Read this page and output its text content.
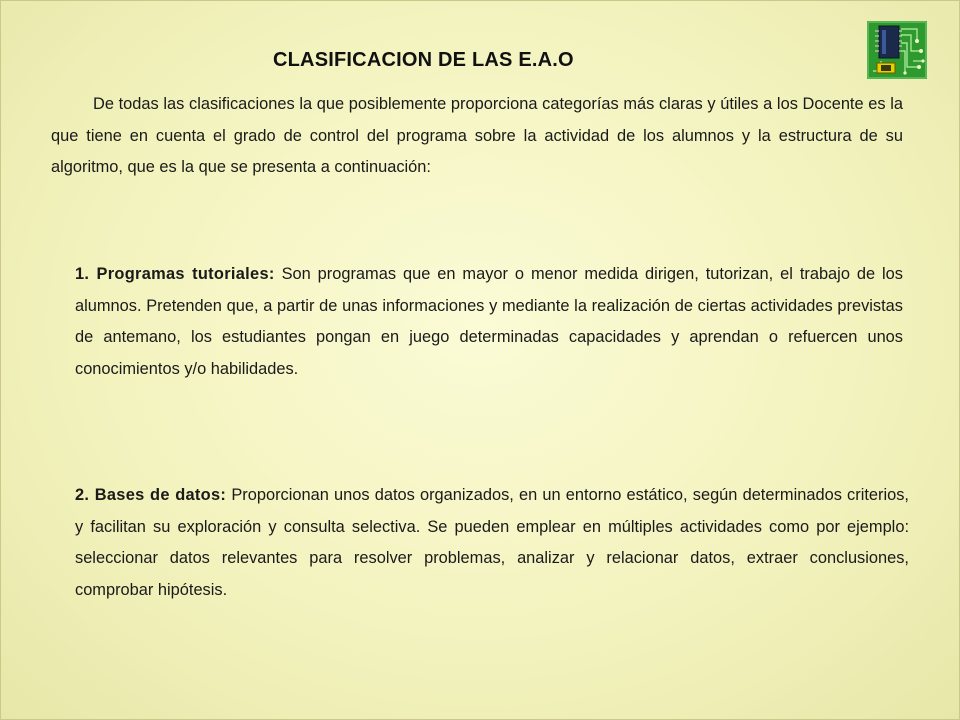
CLASIFICACION DE LAS E.A.O
De todas las clasificaciones la que posiblemente proporciona categorías más claras y útiles a los Docente es la que tiene en cuenta el grado de control del programa sobre la actividad de los alumnos y la estructura de su algoritmo, que es la que se presenta a continuación:
1. Programas tutoriales: Son programas que en mayor o menor medida dirigen, tutorizan, el trabajo de los alumnos. Pretenden que, a partir de unas informaciones y mediante la realización de ciertas actividades previstas de antemano, los estudiantes pongan en juego determinadas capacidades y aprendan o refuercen unos conocimientos y/o habilidades.
2. Bases de datos: Proporcionan unos datos organizados, en un entorno estático, según determinados criterios, y facilitan su exploración y consulta selectiva. Se pueden emplear en múltiples actividades como por ejemplo: seleccionar datos relevantes para resolver problemas, analizar y relacionar datos, extraer conclusiones, comprobar hipótesis.
